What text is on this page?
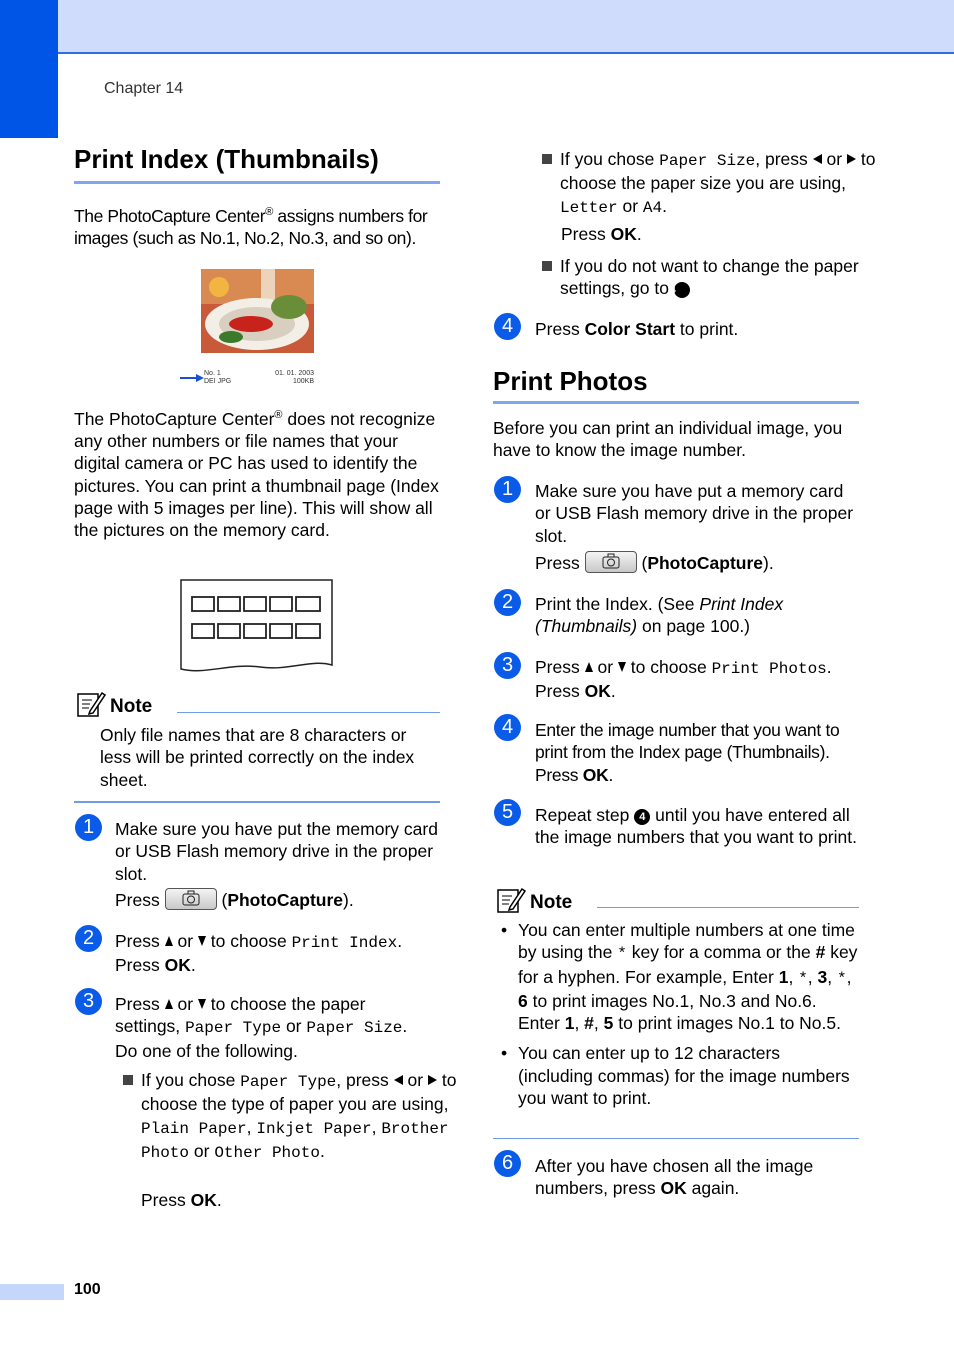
Chapter 14
Print Index (Thumbnails)

The PhotoCapture Center® assigns numbers for images (such as No.1, No.2, No.3, and so on).

No. 1
DEI JPG
01. 01. 2003
100KB

The PhotoCapture Center® does not recognize any other numbers or file names that your digital camera or PC has used to identify the pictures. You can print a thumbnail page (Index page with 5 images per line). This will show all the pictures on the memory card.

Note

Only file names that are 8 characters or less will be printed correctly on the index sheet.

1	Make sure you have put the memory card or USB Flash memory drive in the proper slot.
Press	(PhotoCapture).
2	Press or to choose Print Index.
Press OK.
3	Press or to choose the paper
settings, Paper Type or Paper Size.
Do one of the following.
If you chose Paper Type, press or to choose the type of paper you are using, Plain Paper, Inkjet Paper, Brother Photo or Other Photo.
Press OK.
If you chose Paper Size, press or to choose the paper size you are using, Letter or A4.
Press OK.
If you do not want to change the paper settings, go to 4
4	Press Color Start to print.
Print Photos

Before you can print an individual image, you have to know the image number.

1	Make sure you have put a memory card or USB Flash memory drive in the proper slot.
Press	(PhotoCapture).
2	Print the Index. (See Print Index (Thumbnails) on page 100.)
3	Press or to choose Print Photos.
Press OK.
4	Enter the image number that you want to print from the Index page (Thumbnails).
Press OK.
5	Repeat step 4 until you have entered all the image numbers that you want to print.
Note
• You can enter multiple numbers at one time by using the * key for a comma or the # key for a hyphen. For example, Enter 1, *, 3, *, 6 to print images No.1, No.3 and No.6. Enter 1, #, 5 to print images No.1 to No.5.
• You can enter up to 12 characters (including commas) for the image numbers you want to print.
6	After you have chosen all the image numbers, press OK again.
100
